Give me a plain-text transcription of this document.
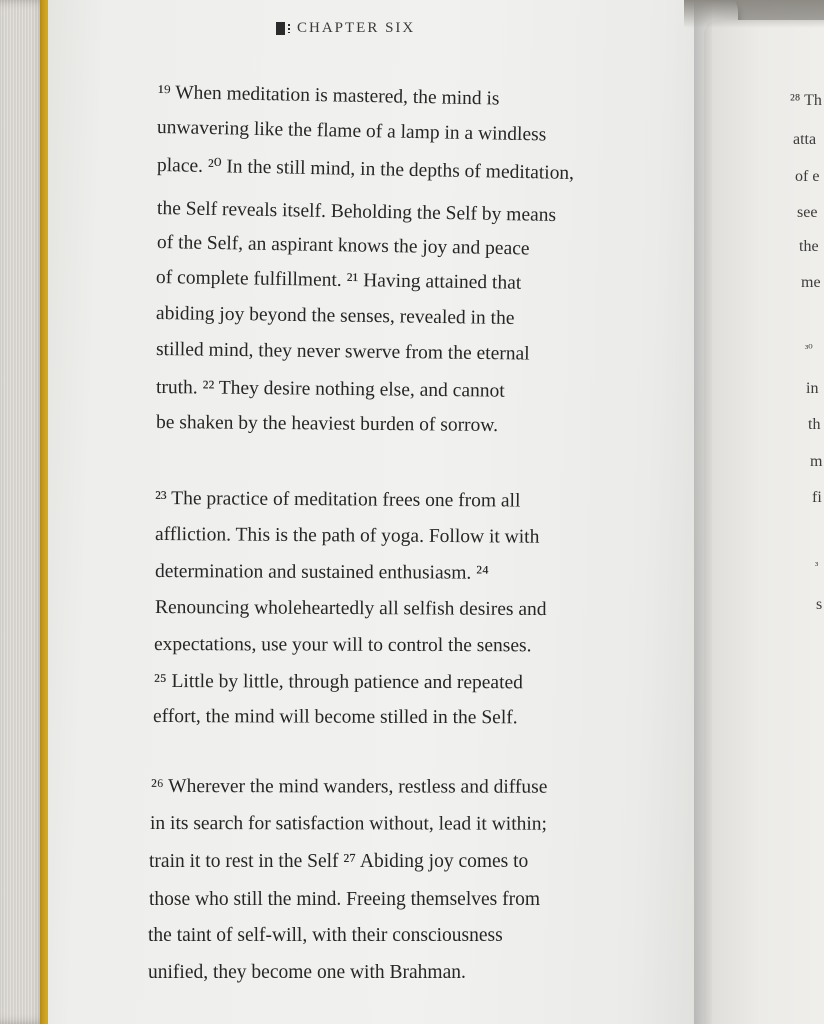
CHAPTER SIX
¹⁹ When meditation is mastered, the mind is
unwavering like the flame of a lamp in a windless
place. ²⁰ In the still mind, in the depths of meditation,
the Self reveals itself. Beholding the Self by means
of the Self, an aspirant knows the joy and peace
of complete fulfillment. ²¹ Having attained that
abiding joy beyond the senses, revealed in the
stilled mind, they never swerve from the eternal
truth. ²² They desire nothing else, and cannot
be shaken by the heaviest burden of sorrow.
²³ The practice of meditation frees one from all
affliction. This is the path of yoga. Follow it with
determination and sustained enthusiasm. ²⁴
Renouncing wholeheartedly all selfish desires and
expectations, use your will to control the senses.
²⁵ Little by little, through patience and repeated
effort, the mind will become stilled in the Self.
²⁶ Wherever the mind wanders, restless and diffuse
in its search for satisfaction without, lead it within;
train it to rest in the Self ²⁷ Abiding joy comes to
those who still the mind. Freeing themselves from
the taint of self-will, with their consciousness
unified, they become one with Brahman.
²⁸ Th
atta
of e
see
the
me
³⁰
in
th
m
fi
³
s
